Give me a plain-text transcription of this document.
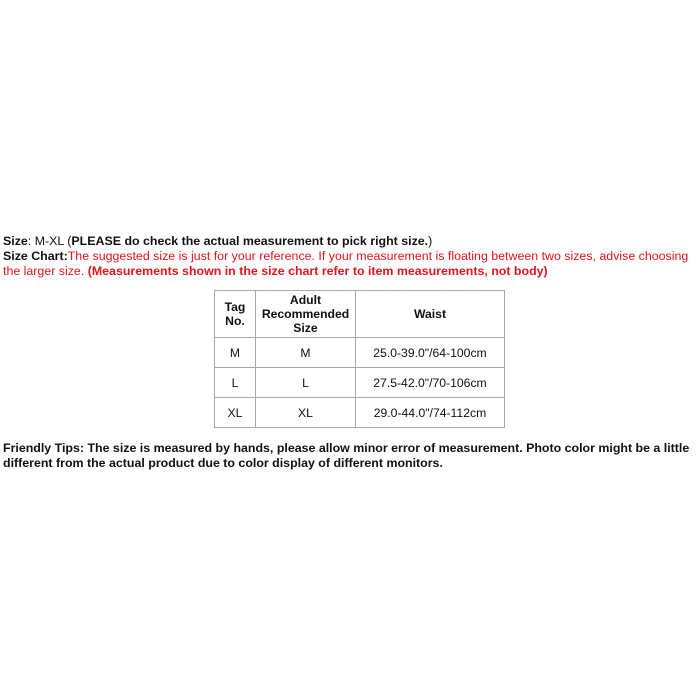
Size: M-XL (PLEASE do check the actual measurement to pick right size.)
Size Chart:The suggested size is just for your reference. If your measurement is floating between two sizes, advise choosing the larger size. (Measurements shown in the size chart refer to item measurements, not body)
Tag No.	Adult Recommended Size	Waist
M	M	25.0-39.0"/64-100cm
L	L	27.5-42.0"/70-106cm
XL	XL	29.0-44.0"/74-112cm
Friendly Tips: The size is measured by hands, please allow minor error of measurement. Photo color might be a little different from the actual product due to color display of different monitors.
